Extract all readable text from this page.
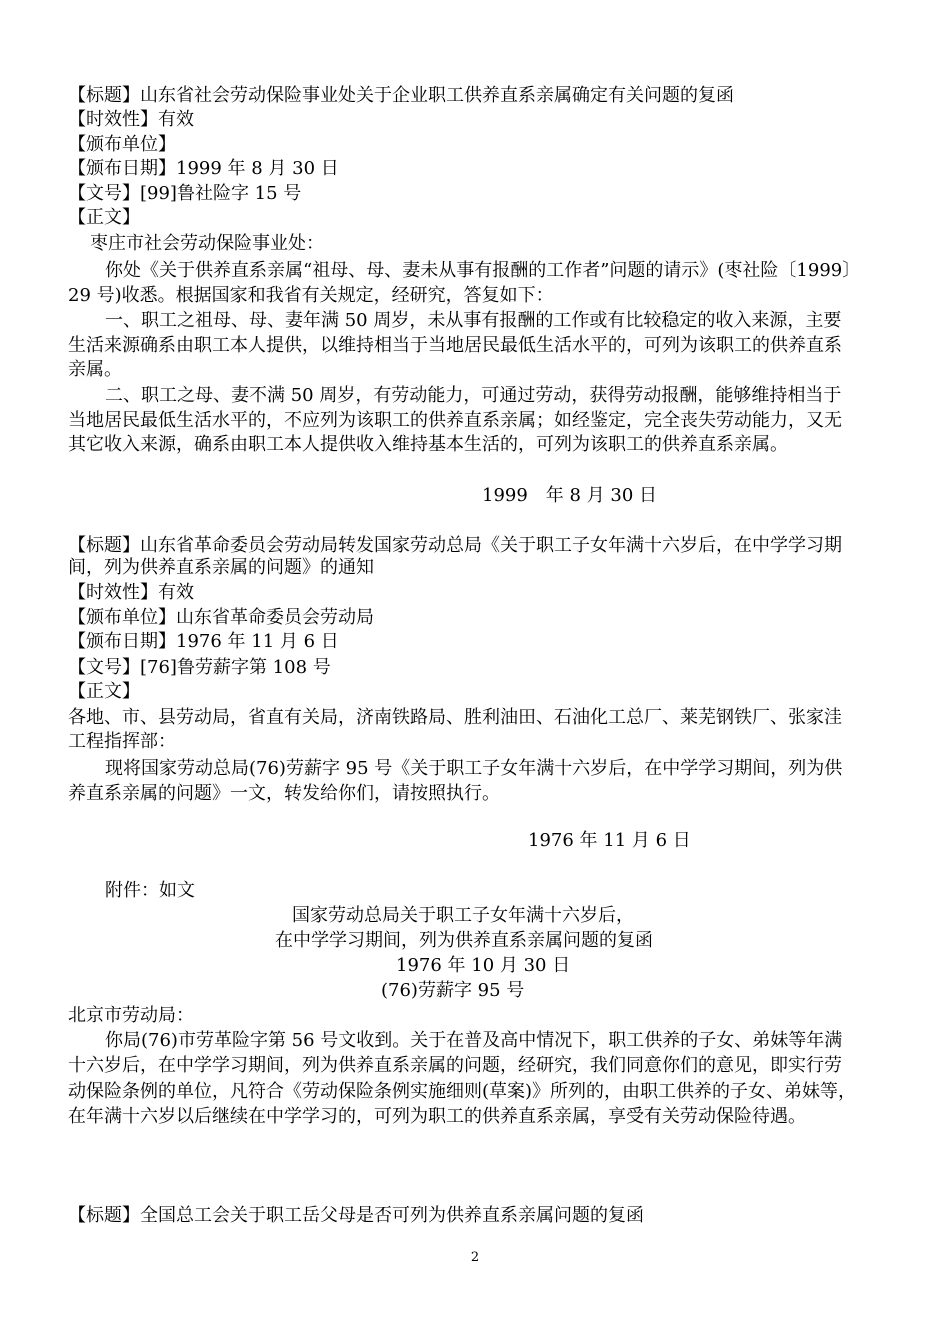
【标题】山东省社会劳动保险事业处关于企业职工供养直系亲属确定有关问题的复函
【时效性】有效
【颁布单位】
【颁布日期】1999 年 8 月 30 日
【文号】[99]鲁社险字 15 号
【正文】
枣庄市社会劳动保险事业处：
你处《关于供养直系亲属“祖母、母、妻未从事有报酬的工作者”问题的请示》(枣社险〔1999〕
29 号)收悉。根据国家和我省有关规定，经研究，答复如下：
一、职工之祖母、母、妻年满 50 周岁，未从事有报酬的工作或有比较稳定的收入来源，主要
生活来源确系由职工本人提供，以维持相当于当地居民最低生活水平的，可列为该职工的供养直系
亲属。
二、职工之母、妻不满 50 周岁，有劳动能力，可通过劳动，获得劳动报酬，能够维持相当于
当地居民最低生活水平的，不应列为该职工的供养直系亲属；如经鉴定，完全丧失劳动能力，又无
其它收入来源，确系由职工本人提供收入维持基本生活的，可列为该职工的供养直系亲属。
1999　年 8 月 30 日
【标题】山东省革命委员会劳动局转发国家劳动总局《关于职工子女年满十六岁后，在中学学习期
间，列为供养直系亲属的问题》的通知
【时效性】有效
【颁布单位】山东省革命委员会劳动局
【颁布日期】1976 年 11 月 6 日
【文号】[76]鲁劳薪字第 108 号
【正文】
各地、市、县劳动局，省直有关局，济南铁路局、胜利油田、石油化工总厂、莱芜钢铁厂、张家洼
工程指挥部：
现将国家劳动总局(76)劳薪字 95 号《关于职工子女年满十六岁后，在中学学习期间，列为供
养直系亲属的问题》一文，转发给你们，请按照执行。
1976 年 11 月 6 日
附件：如文
国家劳动总局关于职工子女年满十六岁后，
在中学学习期间，列为供养直系亲属问题的复函
1976 年 10 月 30 日
(76)劳薪字 95 号
北京市劳动局：
你局(76)市劳革险字第 56 号文收到。关于在普及高中情况下，职工供养的子女、弟妹等年满
十六岁后，在中学学习期间，列为供养直系亲属的问题，经研究，我们同意你们的意见，即实行劳
动保险条例的单位，凡符合《劳动保险条例实施细则(草案)》所列的，由职工供养的子女、弟妹等，
在年满十六岁以后继续在中学学习的，可列为职工的供养直系亲属，享受有关劳动保险待遇。
【标题】全国总工会关于职工岳父母是否可列为供养直系亲属问题的复函
2
